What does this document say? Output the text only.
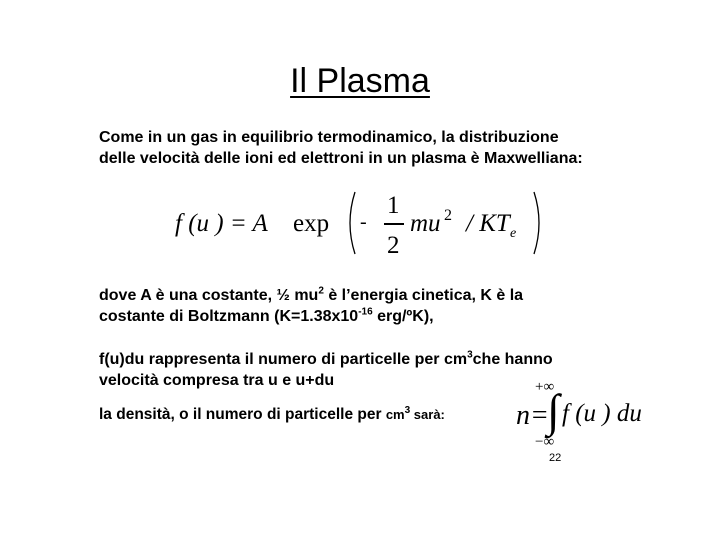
Il Plasma
Come in un gas in equilibrio termodinamico, la distribuzione
delle velocità delle ioni ed elettroni in un plasma è Maxwelliana:
f (u ) = A exp -
1
2
mu 2 / KT e
dove A è una costante, ½ $mu^2$ è l’energia cinetica, K è la
costante di Boltzmann ($K=1.38x10^{-16}$ erg/ºK),
f(u)du rappresenta il numero di particelle per $cm^3che$ hanno
velocità compresa tra u e u+du
la densità, o il numero di particelle per $cm^3$ sarà:
+∞
n=
∫ f (u ) du
−∞
22
